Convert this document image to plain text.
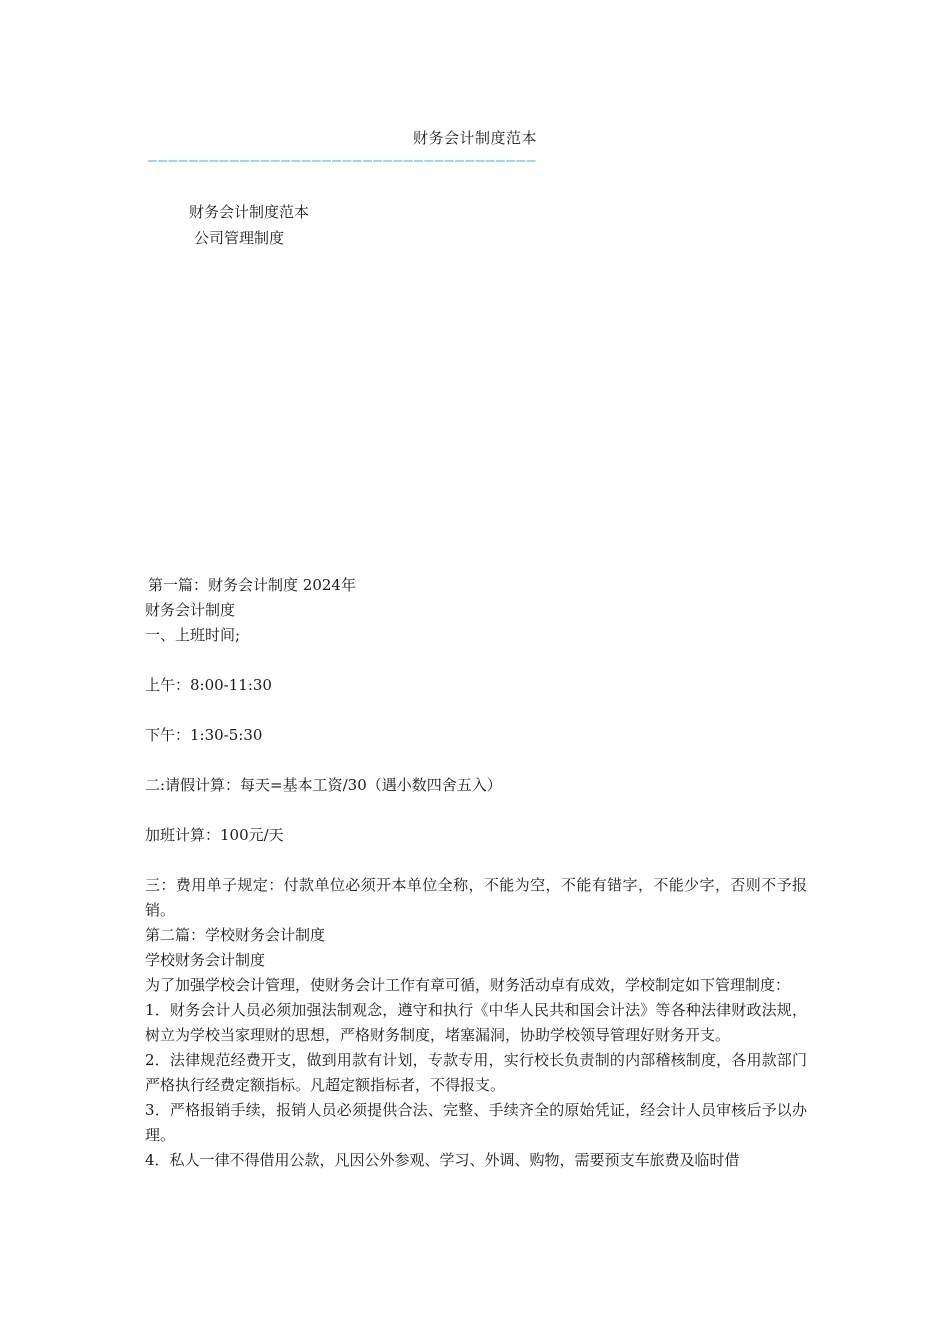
财务会计制度范本
——————————————————————————————————————
财务会计制度范本
公司管理制度

第一篇：财务会计制度 2024年

财务会计制度

一、上班时间;

上午：8:00-11:30

下午：1:30-5:30

二:请假计算：每天=基本工资/30（遇小数四舍五入）

加班计算：100元/天

三：费用单子规定：付款单位必须开本单位全称，不能为空，不能有错字，不能少字，否则不予报销。

第二篇：学校财务会计制度

学校财务会计制度

为了加强学校会计管理，使财务会计工作有章可循，财务活动卓有成效，学校制定如下管理制度：

1．财务会计人员必须加强法制观念，遵守和执行《中华人民共和国会计法》等各种法律财政法规，树立为学校当家理财的思想，严格财务制度，堵塞漏洞，协助学校领导管理好财务开支。

2．法律规范经费开支，做到用款有计划，专款专用，实行校长负责制的内部稽核制度，各用款部门严格执行经费定额指标。凡超定额指标者，不得报支。

3．严格报销手续，报销人员必须提供合法、完整、手续齐全的原始凭证，经会计人员审核后予以办理。

4．私人一律不得借用公款，凡因公外参观、学习、外调、购物，需要预支车旅费及临时借
